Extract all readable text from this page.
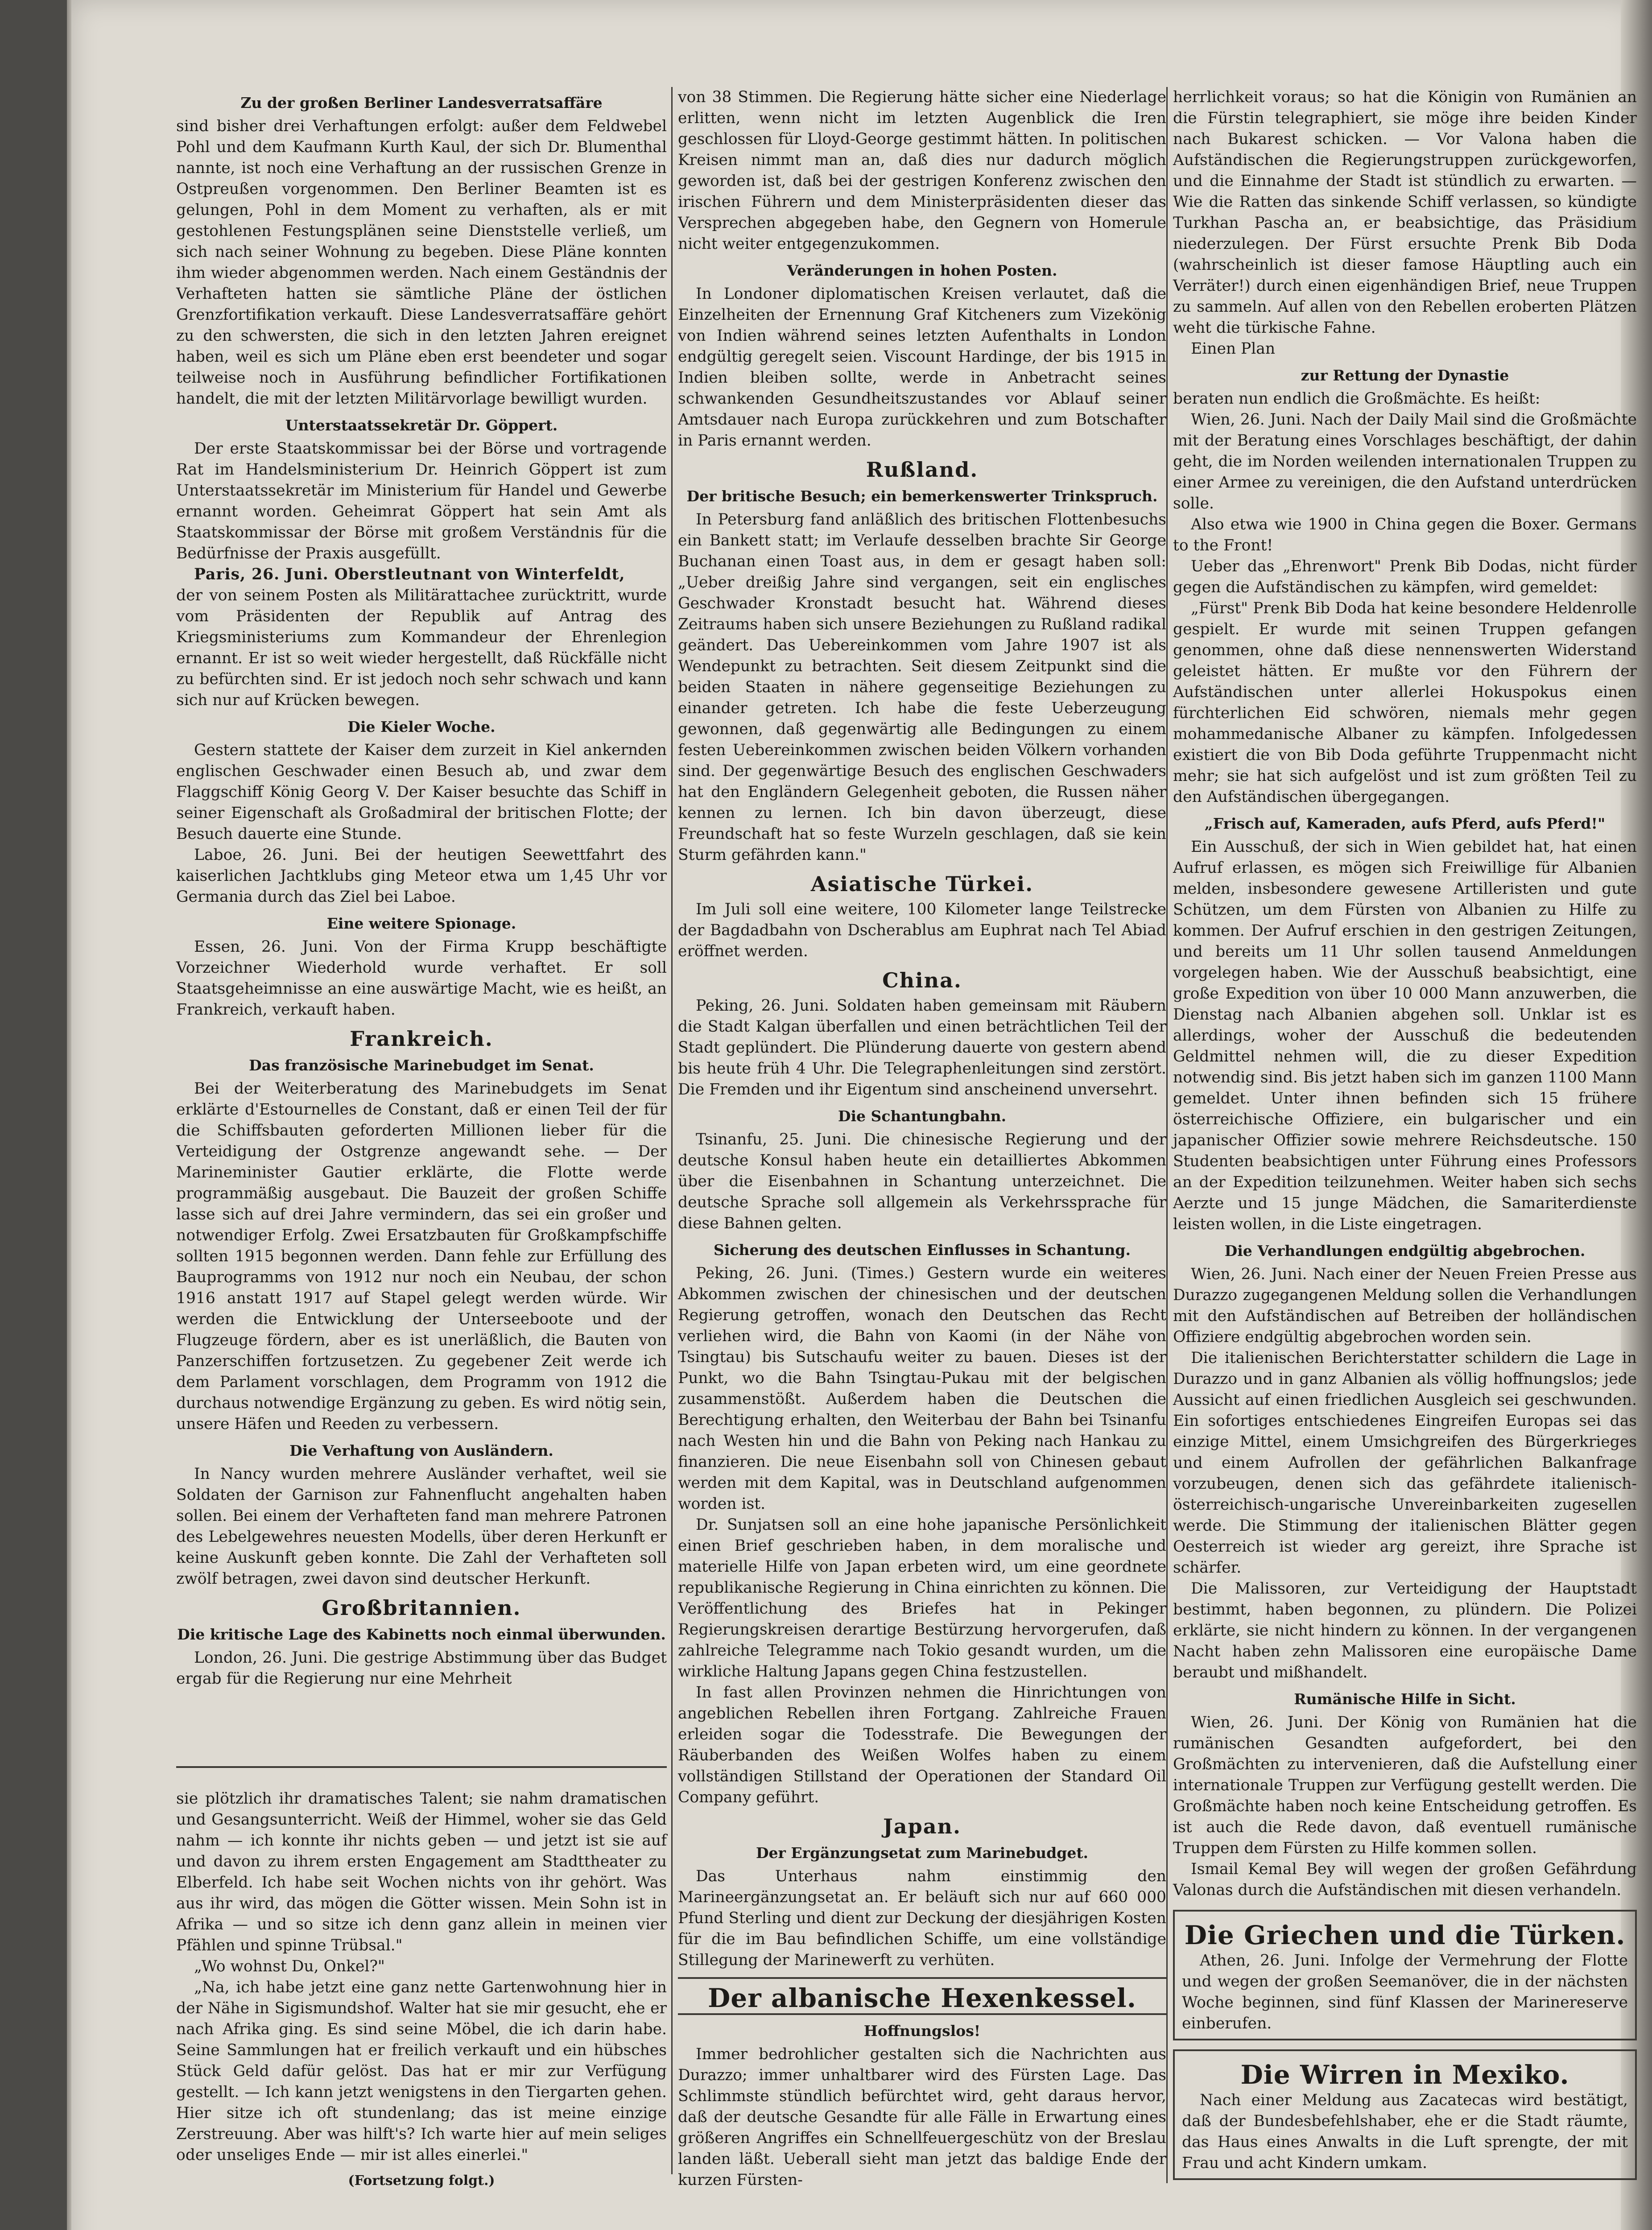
Zu der großen Berliner Landesverratsaffäre

sind bisher drei Verhaftungen erfolgt: außer dem Feldwebel Pohl und dem Kaufmann Kurth Kaul, der sich Dr. Blumenthal nannte, ist noch eine Verhaftung an der russischen Grenze in Ostpreußen vorgenommen. Den Berliner Beamten ist es gelungen, Pohl in dem Moment zu verhaften, als er mit gestohlenen Festungsplänen seine Dienststelle verließ, um sich nach seiner Wohnung zu begeben. Diese Pläne konnten ihm wieder abgenommen werden. Nach einem Geständnis der Verhafteten hatten sie sämtliche Pläne der östlichen Grenzfortifikation verkauft. Diese Landesverratsaffäre gehört zu den schwersten, die sich in den letzten Jahren ereignet haben, weil es sich um Pläne eben erst beendeter und sogar teilweise noch in Ausführung befindlicher Fortifikationen handelt, die mit der letzten Militärvorlage bewilligt wurden.

Unterstaatssekretär Dr. Göppert.

Der erste Staatskommissar bei der Börse und vortragende Rat im Handelsministerium Dr. Heinrich Göppert ist zum Unterstaatssekretär im Ministerium für Handel und Gewerbe ernannt worden. Geheimrat Göppert hat sein Amt als Staatskommissar der Börse mit großem Verständnis für die Bedürfnisse der Praxis ausgefüllt.

Paris, 26. Juni. Oberstleutnant von Winterfeldt,

der von seinem Posten als Militärattachee zurücktritt, wurde vom Präsidenten der Republik auf Antrag des Kriegsministeriums zum Kommandeur der Ehrenlegion ernannt. Er ist so weit wieder hergestellt, daß Rückfälle nicht zu befürchten sind. Er ist jedoch noch sehr schwach und kann sich nur auf Krücken bewegen.

Die Kieler Woche.

Gestern stattete der Kaiser dem zurzeit in Kiel ankernden englischen Geschwader einen Besuch ab, und zwar dem Flaggschiff König Georg V. Der Kaiser besuchte das Schiff in seiner Eigenschaft als Großadmiral der britischen Flotte; der Besuch dauerte eine Stunde.

Laboe, 26. Juni. Bei der heutigen Seewettfahrt des kaiserlichen Jachtklubs ging Meteor etwa um 1,45 Uhr vor Germania durch das Ziel bei Laboe.

Eine weitere Spionage.

Essen, 26. Juni. Von der Firma Krupp beschäftigte Vorzeichner Wiederhold wurde verhaftet. Er soll Staatsgeheimnisse an eine auswärtige Macht, wie es heißt, an Frankreich, verkauft haben.

Frankreich.
Das französische Marinebudget im Senat.

Bei der Weiterberatung des Marinebudgets im Senat erklärte d'Estournelles de Constant, daß er einen Teil der für die Schiffsbauten geforderten Millionen lieber für die Verteidigung der Ostgrenze angewandt sehe. — Der Marineminister Gautier erklärte, die Flotte werde programmäßig ausgebaut. Die Bauzeit der großen Schiffe lasse sich auf drei Jahre vermindern, das sei ein großer und notwendiger Erfolg. Zwei Ersatzbauten für Großkampfschiffe sollten 1915 begonnen werden. Dann fehle zur Erfüllung des Bauprogramms von 1912 nur noch ein Neubau, der schon 1916 anstatt 1917 auf Stapel gelegt werden würde. Wir werden die Entwicklung der Unterseeboote und der Flugzeuge fördern, aber es ist unerläßlich, die Bauten von Panzerschiffen fortzusetzen. Zu gegebener Zeit werde ich dem Parlament vorschlagen, dem Programm von 1912 die durchaus notwendige Ergänzung zu geben. Es wird nötig sein, unsere Häfen und Reeden zu verbessern.

Die Verhaftung von Ausländern.

In Nancy wurden mehrere Ausländer verhaftet, weil sie Soldaten der Garnison zur Fahnenflucht angehalten haben sollen. Bei einem der Verhafteten fand man mehrere Patronen des Lebelgewehres neuesten Modells, über deren Herkunft er keine Auskunft geben konnte. Die Zahl der Verhafteten soll zwölf betragen, zwei davon sind deutscher Herkunft.

Großbritannien.
Die kritische Lage des Kabinetts noch einmal überwunden.

London, 26. Juni. Die gestrige Abstimmung über das Budget ergab für die Regierung nur eine Mehrheit

sie plötzlich ihr dramatisches Talent; sie nahm dramatischen und Gesangsunterricht. Weiß der Himmel, woher sie das Geld nahm — ich konnte ihr nichts geben — und jetzt ist sie auf und davon zu ihrem ersten Engagement am Stadttheater zu Elberfeld. Ich habe seit Wochen nichts von ihr gehört. Was aus ihr wird, das mögen die Götter wissen. Mein Sohn ist in Afrika — und so sitze ich denn ganz allein in meinen vier Pfählen und spinne Trübsal."

„Wo wohnst Du, Onkel?"

„Na, ich habe jetzt eine ganz nette Gartenwohnung hier in der Nähe in Sigismundshof. Walter hat sie mir gesucht, ehe er nach Afrika ging. Es sind seine Möbel, die ich darin habe. Seine Sammlungen hat er freilich verkauft und ein hübsches Stück Geld dafür gelöst. Das hat er mir zur Verfügung gestellt. — Ich kann jetzt wenigstens in den Tiergarten gehen. Hier sitze ich oft stundenlang; das ist meine einzige Zerstreuung. Aber was hilft's? Ich warte hier auf mein seliges oder unseliges Ende — mir ist alles einerlei."

(Fortsetzung folgt.)

von 38 Stimmen. Die Regierung hätte sicher eine Niederlage erlitten, wenn nicht im letzten Augenblick die Iren geschlossen für Lloyd-George gestimmt hätten. In politischen Kreisen nimmt man an, daß dies nur dadurch möglich geworden ist, daß bei der gestrigen Konferenz zwischen den irischen Führern und dem Ministerpräsidenten dieser das Versprechen abgegeben habe, den Gegnern von Homerule nicht weiter entgegenzukommen.

Veränderungen in hohen Posten.

In Londoner diplomatischen Kreisen verlautet, daß die Einzelheiten der Ernennung Graf Kitcheners zum Vizekönig von Indien während seines letzten Aufenthalts in London endgültig geregelt seien. Viscount Hardinge, der bis 1915 in Indien bleiben sollte, werde in Anbetracht seines schwankenden Gesundheitszustandes vor Ablauf seiner Amtsdauer nach Europa zurückkehren und zum Botschafter in Paris ernannt werden.

Rußland.
Der britische Besuch; ein bemerkenswerter Trinkspruch.

In Petersburg fand anläßlich des britischen Flottenbesuchs ein Bankett statt; im Verlaufe desselben brachte Sir George Buchanan einen Toast aus, in dem er gesagt haben soll: „Ueber dreißig Jahre sind vergangen, seit ein englisches Geschwader Kronstadt besucht hat. Während dieses Zeitraums haben sich unsere Beziehungen zu Rußland radikal geändert. Das Uebereinkommen vom Jahre 1907 ist als Wendepunkt zu betrachten. Seit diesem Zeitpunkt sind die beiden Staaten in nähere gegenseitige Beziehungen zu einander getreten. Ich habe die feste Ueberzeugung gewonnen, daß gegenwärtig alle Bedingungen zu einem festen Uebereinkommen zwischen beiden Völkern vorhanden sind. Der gegenwärtige Besuch des englischen Geschwaders hat den Engländern Gelegenheit geboten, die Russen näher kennen zu lernen. Ich bin davon überzeugt, diese Freundschaft hat so feste Wurzeln geschlagen, daß sie kein Sturm gefährden kann."

Asiatische Türkei.

Im Juli soll eine weitere, 100 Kilometer lange Teilstrecke der Bagdadbahn von Dscherablus am Euphrat nach Tel Abiad eröffnet werden.

China.

Peking, 26. Juni. Soldaten haben gemeinsam mit Räubern die Stadt Kalgan überfallen und einen beträchtlichen Teil der Stadt geplündert. Die Plünderung dauerte von gestern abend bis heute früh 4 Uhr. Die Telegraphenleitungen sind zerstört. Die Fremden und ihr Eigentum sind anscheinend unversehrt.

Die Schantungbahn.

Tsinanfu, 25. Juni. Die chinesische Regierung und der deutsche Konsul haben heute ein detailliertes Abkommen über die Eisenbahnen in Schantung unterzeichnet. Die deutsche Sprache soll allgemein als Verkehrssprache für diese Bahnen gelten.

Sicherung des deutschen Einflusses in Schantung.

Peking, 26. Juni. (Times.) Gestern wurde ein weiteres Abkommen zwischen der chinesischen und der deutschen Regierung getroffen, wonach den Deutschen das Recht verliehen wird, die Bahn von Kaomi (in der Nähe von Tsingtau) bis Sutschaufu weiter zu bauen. Dieses ist der Punkt, wo die Bahn Tsingtau-Pukau mit der belgischen zusammenstößt. Außerdem haben die Deutschen die Berechtigung erhalten, den Weiterbau der Bahn bei Tsinanfu nach Westen hin und die Bahn von Peking nach Hankau zu finanzieren. Die neue Eisenbahn soll von Chinesen gebaut werden mit dem Kapital, was in Deutschland aufgenommen worden ist.

Dr. Sunjatsen soll an eine hohe japanische Persönlichkeit einen Brief geschrieben haben, in dem moralische und materielle Hilfe von Japan erbeten wird, um eine geordnete republikanische Regierung in China einrichten zu können. Die Veröffentlichung des Briefes hat in Pekinger Regierungskreisen derartige Bestürzung hervorgerufen, daß zahlreiche Telegramme nach Tokio gesandt wurden, um die wirkliche Haltung Japans gegen China festzustellen.

In fast allen Provinzen nehmen die Hinrichtungen von angeblichen Rebellen ihren Fortgang. Zahlreiche Frauen erleiden sogar die Todesstrafe. Die Bewegungen der Räuberbanden des Weißen Wolfes haben zu einem vollständigen Stillstand der Operationen der Standard Oil Company geführt.

Japan.
Der Ergänzungsetat zum Marinebudget.

Das Unterhaus nahm einstimmig den Marineergänzungsetat an. Er beläuft sich nur auf 660 000 Pfund Sterling und dient zur Deckung der diesjährigen Kosten für die im Bau befindlichen Schiffe, um eine vollständige Stillegung der Marinewerft zu verhüten.

Der albanische Hexenkessel.
Hoffnungslos!

Immer bedrohlicher gestalten sich die Nachrichten aus Durazzo; immer unhaltbarer wird des Fürsten Lage. Das Schlimmste stündlich befürchtet wird, geht daraus hervor, daß der deutsche Gesandte für alle Fälle in Erwartung eines größeren Angriffes ein Schnellfeuergeschütz von der Breslau landen läßt. Ueberall sieht man jetzt das baldige Ende der kurzen Fürsten-

herrlichkeit voraus; so hat die Königin von Rumänien an die Fürstin telegraphiert, sie möge ihre beiden Kinder nach Bukarest schicken. — Vor Valona haben die Aufständischen die Regierungstruppen zurückgeworfen, und die Einnahme der Stadt ist stündlich zu erwarten. — Wie die Ratten das sinkende Schiff verlassen, so kündigte Turkhan Pascha an, er beabsichtige, das Präsidium niederzulegen. Der Fürst ersuchte Prenk Bib Doda (wahrscheinlich ist dieser famose Häuptling auch ein Verräter!) durch einen eigenhändigen Brief, neue Truppen zu sammeln. Auf allen von den Rebellen eroberten Plätzen weht die türkische Fahne.

Einen Plan

zur Rettung der Dynastie

beraten nun endlich die Großmächte. Es heißt:

Wien, 26. Juni. Nach der Daily Mail sind die Großmächte mit der Beratung eines Vorschlages beschäftigt, der dahin geht, die im Norden weilenden internationalen Truppen zu einer Armee zu vereinigen, die den Aufstand unterdrücken solle.

Also etwa wie 1900 in China gegen die Boxer. Germans to the Front!

Ueber das „Ehrenwort" Prenk Bib Dodas, nicht fürder gegen die Aufständischen zu kämpfen, wird gemeldet:

„Fürst" Prenk Bib Doda hat keine besondere Heldenrolle gespielt. Er wurde mit seinen Truppen gefangen genommen, ohne daß diese nennenswerten Widerstand geleistet hätten. Er mußte vor den Führern der Aufständischen unter allerlei Hokuspokus einen fürchterlichen Eid schwören, niemals mehr gegen mohammedanische Albaner zu kämpfen. Infolgedessen existiert die von Bib Doda geführte Truppenmacht nicht mehr; sie hat sich aufgelöst und ist zum größten Teil zu den Aufständischen übergegangen.

„Frisch auf, Kameraden, aufs Pferd, aufs Pferd!"

Ein Ausschuß, der sich in Wien gebildet hat, hat einen Aufruf erlassen, es mögen sich Freiwillige für Albanien melden, insbesondere gewesene Artilleristen und gute Schützen, um dem Fürsten von Albanien zu Hilfe zu kommen. Der Aufruf erschien in den gestrigen Zeitungen, und bereits um 11 Uhr sollen tausend Anmeldungen vorgelegen haben. Wie der Ausschuß beabsichtigt, eine große Expedition von über 10 000 Mann anzuwerben, die Dienstag nach Albanien abgehen soll. Unklar ist es allerdings, woher der Ausschuß die bedeutenden Geldmittel nehmen will, die zu dieser Expedition notwendig sind. Bis jetzt haben sich im ganzen 1100 Mann gemeldet. Unter ihnen befinden sich 15 frühere österreichische Offiziere, ein bulgarischer und ein japanischer Offizier sowie mehrere Reichsdeutsche. 150 Studenten beabsichtigen unter Führung eines Professors an der Expedition teilzunehmen. Weiter haben sich sechs Aerzte und 15 junge Mädchen, die Samariterdienste leisten wollen, in die Liste eingetragen.

Die Verhandlungen endgültig abgebrochen.

Wien, 26. Juni. Nach einer der Neuen Freien Presse aus Durazzo zugegangenen Meldung sollen die Verhandlungen mit den Aufständischen auf Betreiben der holländischen Offiziere endgültig abgebrochen worden sein.

Die italienischen Berichterstatter schildern die Lage in Durazzo und in ganz Albanien als völlig hoffnungslos; jede Aussicht auf einen friedlichen Ausgleich sei geschwunden. Ein sofortiges entschiedenes Eingreifen Europas sei das einzige Mittel, einem Umsichgreifen des Bürgerkrieges und einem Aufrollen der gefährlichen Balkanfrage vorzubeugen, denen sich das gefährdete italienisch-österreichisch-ungarische Unvereinbarkeiten zugesellen werde. Die Stimmung der italienischen Blätter gegen Oesterreich ist wieder arg gereizt, ihre Sprache ist schärfer.

Die Malissoren, zur Verteidigung der Hauptstadt bestimmt, haben begonnen, zu plündern. Die Polizei erklärte, sie nicht hindern zu können. In der vergangenen Nacht haben zehn Malissoren eine europäische Dame beraubt und mißhandelt.

Rumänische Hilfe in Sicht.

Wien, 26. Juni. Der König von Rumänien hat die rumänischen Gesandten aufgefordert, bei den Großmächten zu intervenieren, daß die Aufstellung einer internationale Truppen zur Verfügung gestellt werden. Die Großmächte haben noch keine Entscheidung getroffen. Es ist auch die Rede davon, daß eventuell rumänische Truppen dem Fürsten zu Hilfe kommen sollen.

Ismail Kemal Bey will wegen der großen Gefährdung Valonas durch die Aufständischen mit diesen verhandeln.

Die Griechen und die Türken.

Athen, 26. Juni. Infolge der Vermehrung der Flotte und wegen der großen Seemanöver, die in der nächsten Woche beginnen, sind fünf Klassen der Marinereserve einberufen.

Die Wirren in Mexiko.

Nach einer Meldung aus Zacatecas wird bestätigt, daß der Bundesbefehlshaber, ehe er die Stadt räumte, das Haus eines Anwalts in die Luft sprengte, der mit Frau und acht Kindern umkam.
